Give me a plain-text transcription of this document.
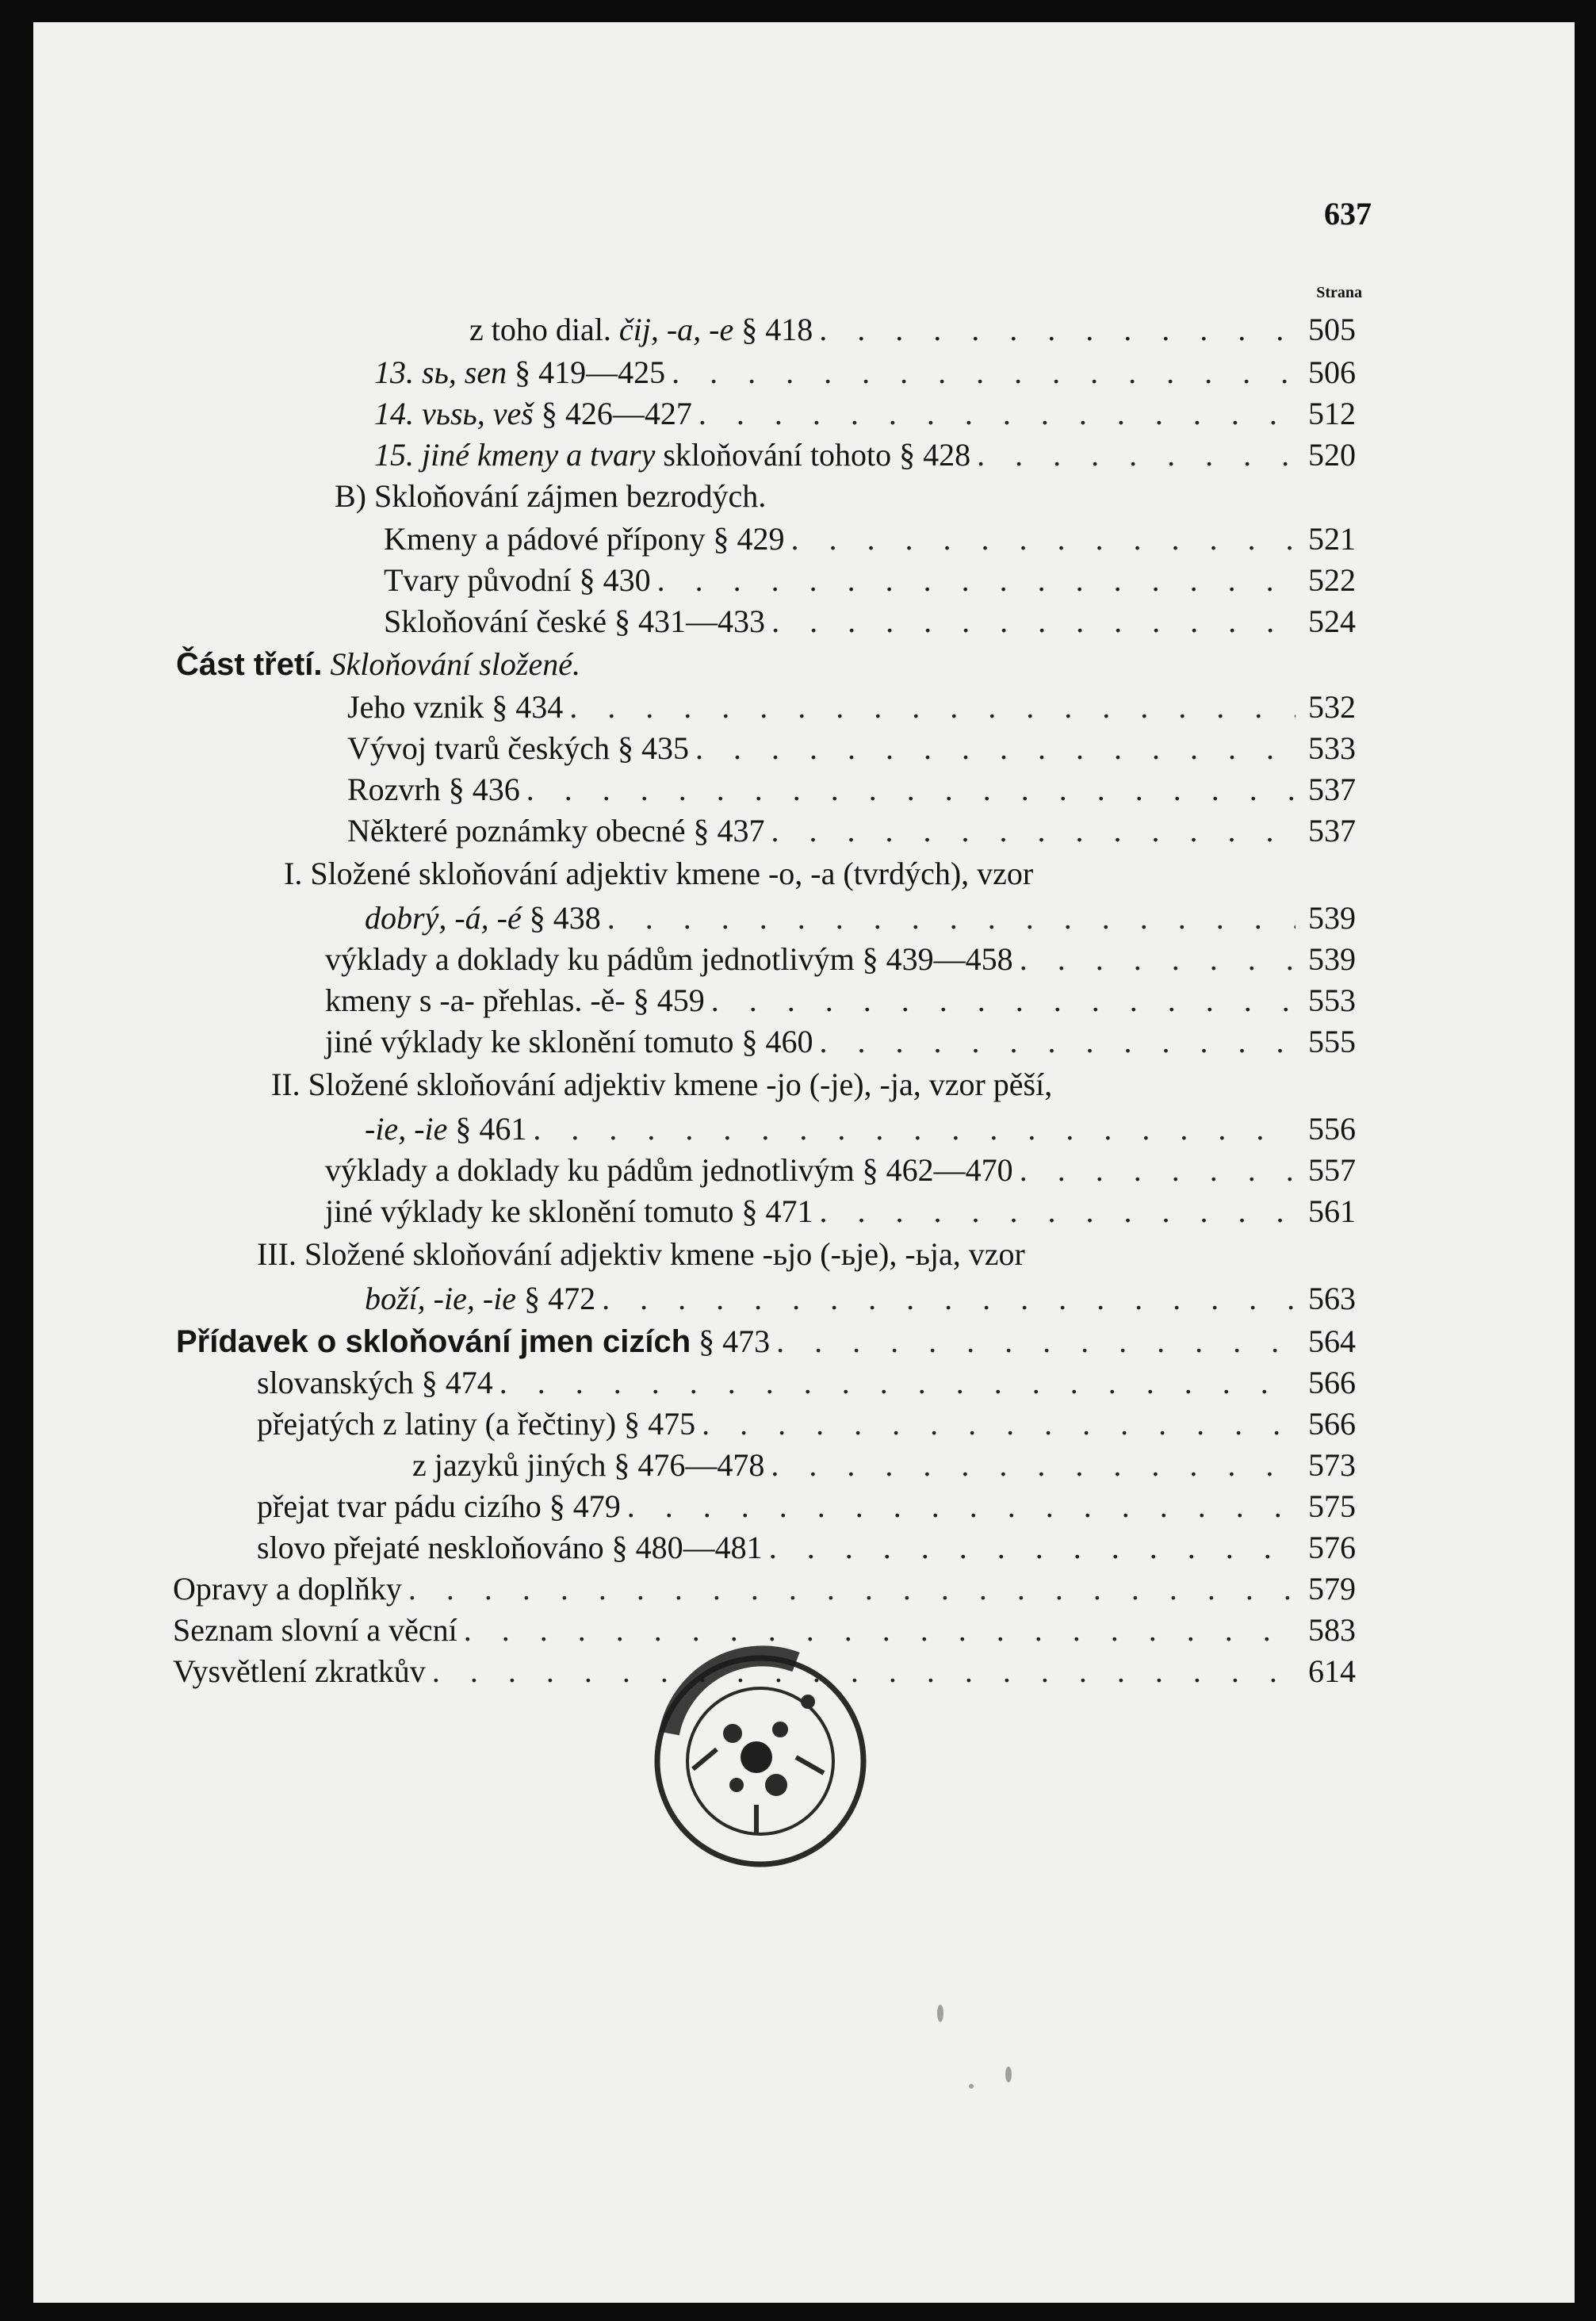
637
Strana
z toho dial. čij, -a, -e § 418 . . .	505
13. sь, sen § 419—425 . . .	506
14. vьsь, veš § 426—427 . . .	512
15. jiné kmeny a tvary skloňování tohoto § 428 . . .	520
B) Skloňování zájmen bezrodých.
Kmeny a pádové přípony § 429 . . .	521
Tvary původní § 430 . . .	522
Skloňování české § 431—433 . . .	524
Část třetí. Skloňování složené.
Jeho vznik § 434 . . .	532
Vývoj tvarů českých § 435 . . .	533
Rozvrh § 436 . . .	537
Některé poznámky obecné § 437 . . .	537
I. Složené skloňování adjektiv kmene -o, -a (tvrdých), vzor
dobrý, -á, -é § 438 . . .	539
výklady a doklady ku pádům jednotlivým § 439—458 . . .	539
kmeny s -a- přehlas. -ě- § 459 . . .	553
jiné výklady ke sklonění tomuto § 460 . . .	555
II. Složené skloňování adjektiv kmene -jo (-je), -ja, vzor pěší,
-ie, -ie § 461 . . .	556
výklady a doklady ku pádům jednotlivým § 462—470 . . .	557
jiné výklady ke sklonění tomuto § 471 . . .	561
III. Složené skloňování adjektiv kmene -ьjo (-ьje), -ьja, vzor
boží, -ie, -ie § 472 . . .	563
Přídavek o skloňování jmen cizích § 473 . . .	564
slovanských § 474 . . .	566
přejatých z latiny (a řečtiny) § 475 . . .	566
z jazyků jiných § 476—478 . . .	573
přejat tvar pádu cizího § 479 . . .	575
slovo přejaté neskloňováno § 480—481 . . .	576
Opravy a doplňky . . .	579
Seznam slovní a věcní . . .	583
Vysvětlení zkratkův . . .	614
SLOV. KNIŽNICA
